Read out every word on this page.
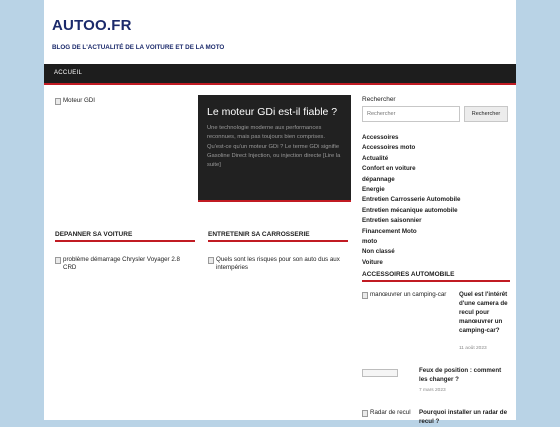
AUTOO.FR
BLOG DE L'ACTUALITÉ DE LA VOITURE ET DE LA MOTO
ACCUEIL
Moteur GDI
Le moteur GDi est-il fiable ?
Une technologie moderne aux performances reconnues, mais pas toujours bien comprises. Qu'est-ce qu'un moteur GDi ? Le terme GDi signifie Gasoline Direct Injection, ou injection directe [Lire la suite]
DEPANNER SA VOITURE
problème démarrage Chrysler Voyager 2.8 CRD
ENTRETENIR SA CARROSSERIE
Quels sont les risques pour son auto dus aux intempéries
Rechercher
Rechercher
Rechercher
Accessoires
Accessoires moto
Actualité
Confort en voiture
dépannage
Energie
Entretien Carrosserie Automobile
Entretien mécanique automobile
Entretien saisonnier
Financement Moto
moto
Non classé
Voiture
ACCESSOIRES AUTOMOBILE
manœuvrer un camping-car Quel est l'intérêt d'une camera de recul pour manœuvrer un camping-car?
11 août 2023
Feux de position : comment les changer ?
7 mars 2023
Radar de recul Pourquoi installer un radar de recul ?
